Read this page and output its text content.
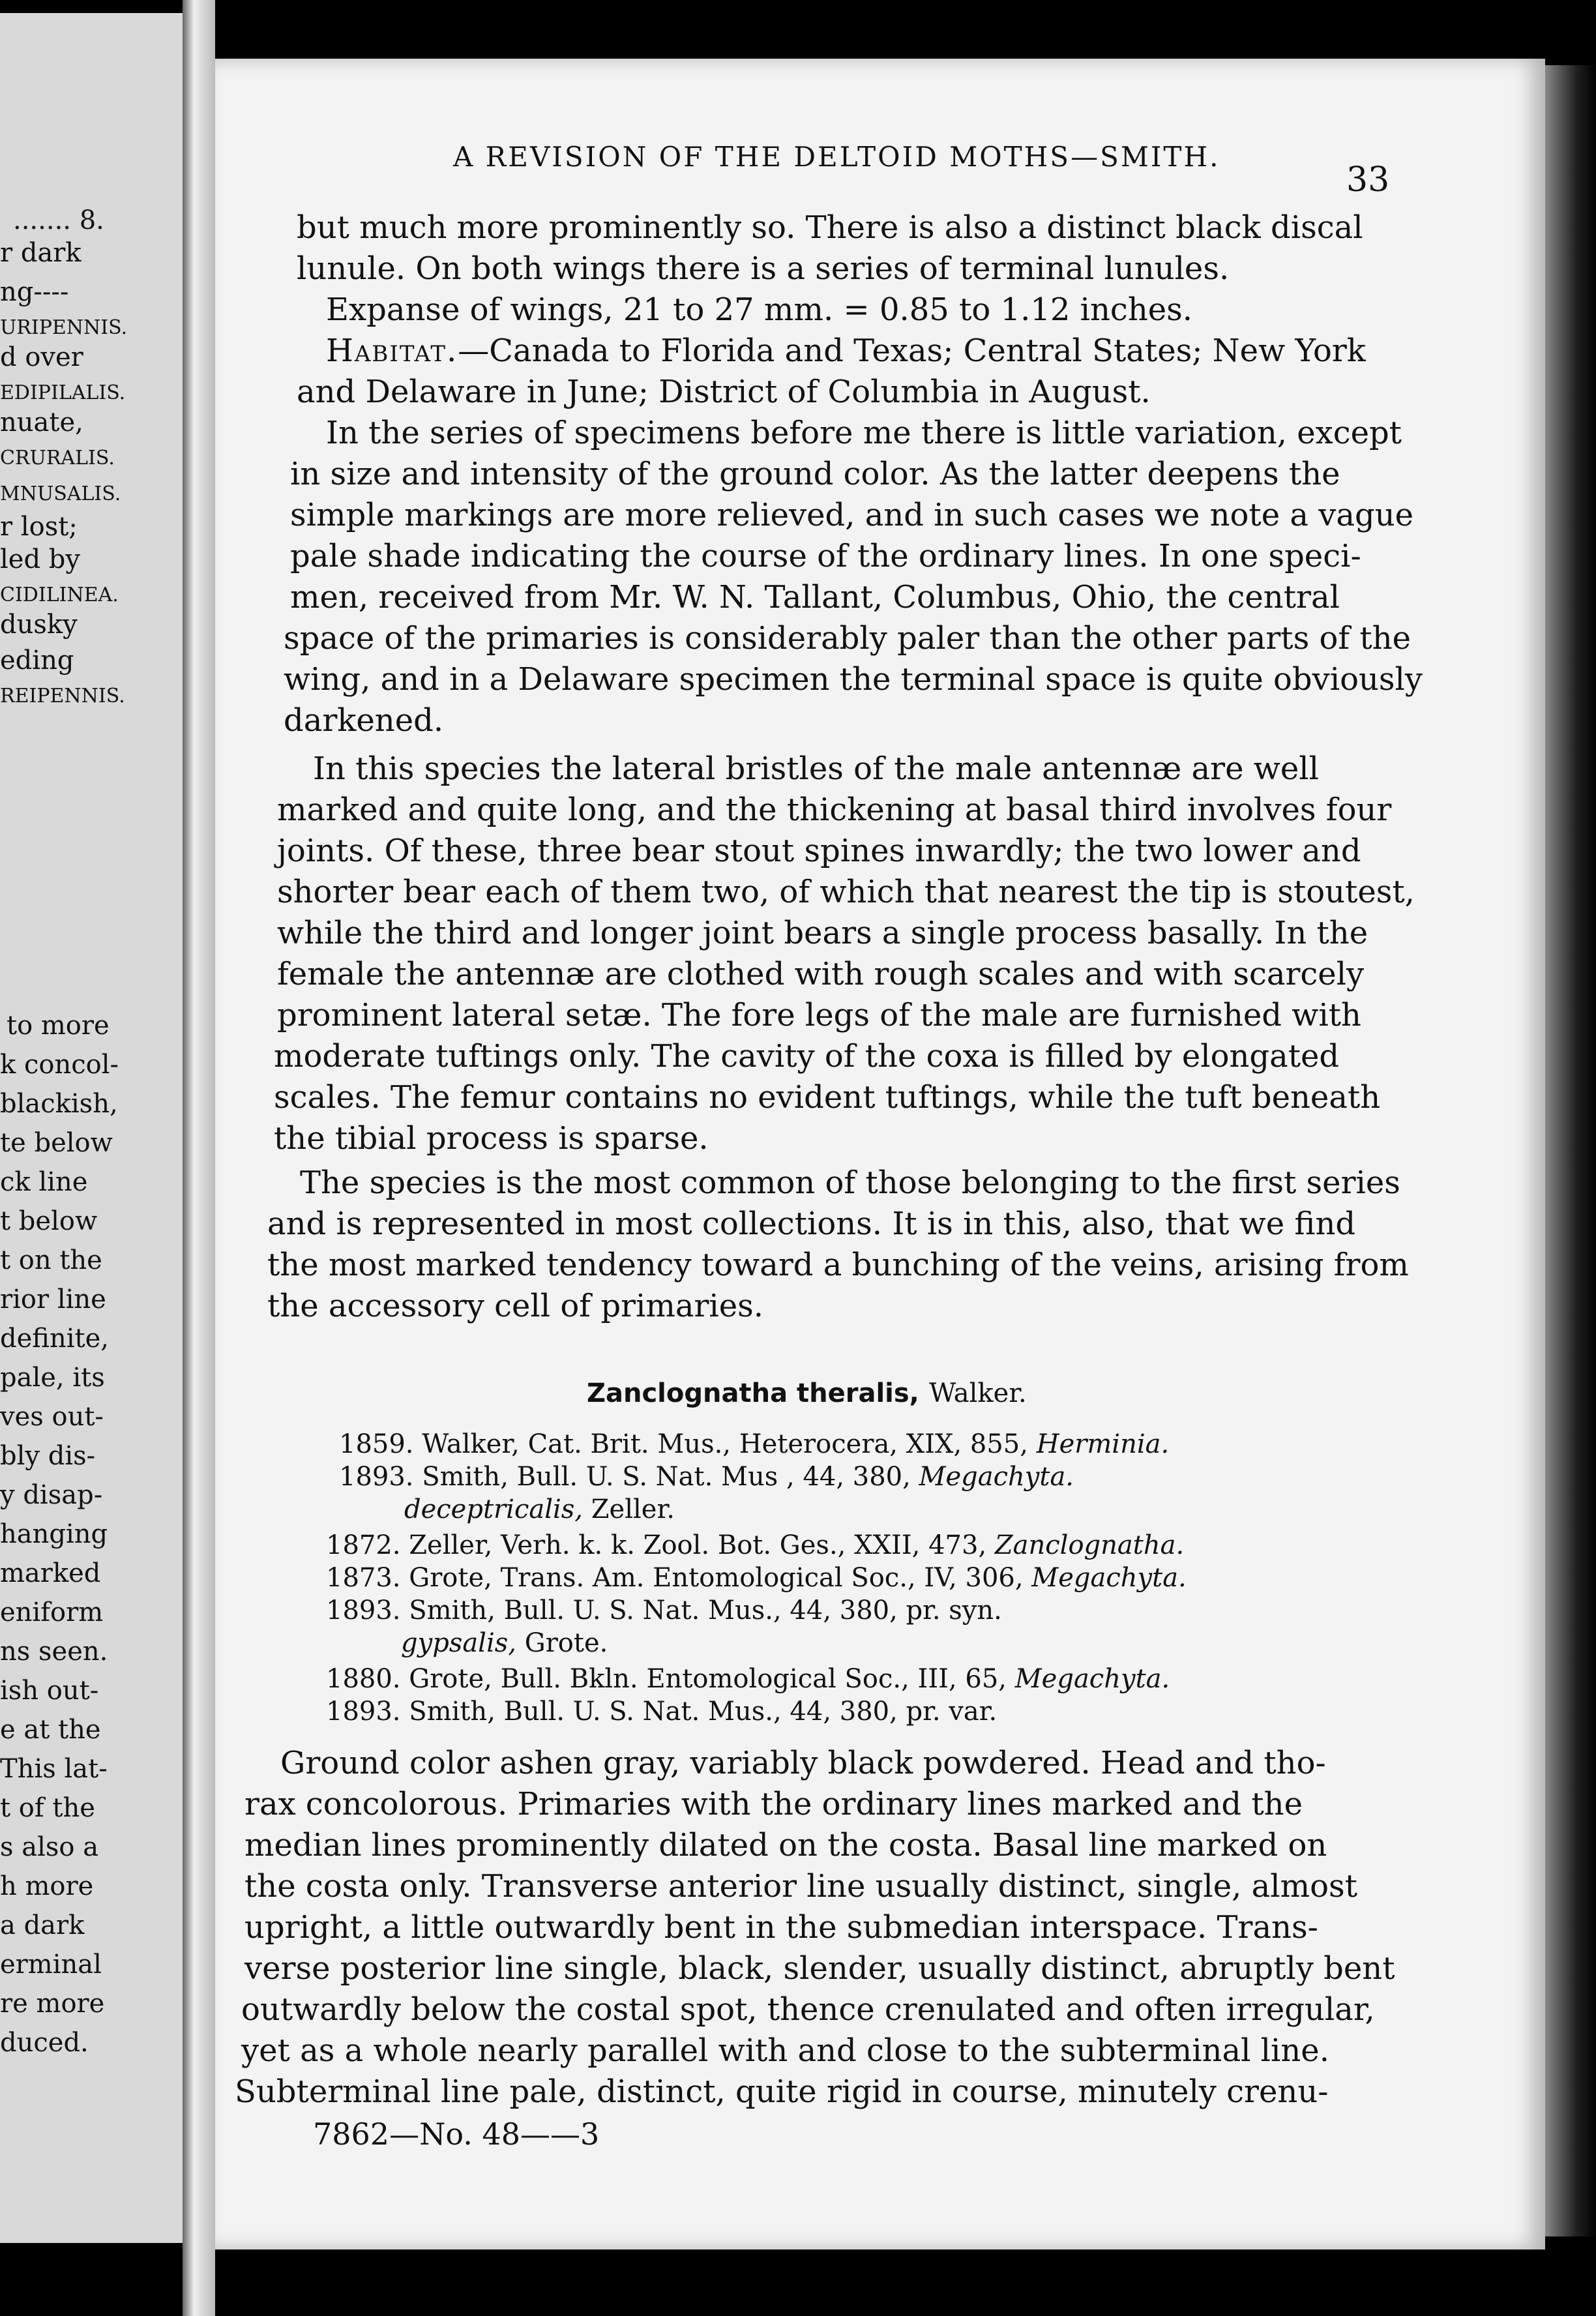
....... 8.
r dark
ng----
URIPENNIS.
d over
EDIPILALIS.
nuate,
CRURALIS.
MNUSALIS.
r lost;
led by
CIDILINEA.
dusky
eding
REIPENNIS.
to more
k concol-
blackish,
te below
ck line
t below
t on the
rior line
definite,
pale, its
ves out-
bly dis-
y disap-
hanging
marked
eniform
ns seen.
ish out-
e at the
This lat-
t of the
s also a
h more
a dark
erminal
re more
duced.
A REVISION OF THE DELTOID MOTHS—SMITH.
33
but much more prominently so. There is also a distinct black discal
lunule. On both wings there is a series of terminal lunules.
Expanse of wings, 21 to 27 mm. = 0.85 to 1.12 inches.
Habitat.—Canada to Florida and Texas; Central States; New York
and Delaware in June; District of Columbia in August.
In the series of specimens before me there is little variation, except
in size and intensity of the ground color. As the latter deepens the
simple markings are more relieved, and in such cases we note a vague
pale shade indicating the course of the ordinary lines. In one speci-
men, received from Mr. W. N. Tallant, Columbus, Ohio, the central
space of the primaries is considerably paler than the other parts of the
wing, and in a Delaware specimen the terminal space is quite obviously
darkened.
In this species the lateral bristles of the male antennæ are well
marked and quite long, and the thickening at basal third involves four
joints. Of these, three bear stout spines inwardly; the two lower and
shorter bear each of them two, of which that nearest the tip is stoutest,
while the third and longer joint bears a single process basally. In the
female the antennæ are clothed with rough scales and with scarcely
prominent lateral setæ. The fore legs of the male are furnished with
moderate tuftings only. The cavity of the coxa is filled by elongated
scales. The femur contains no evident tuftings, while the tuft beneath
the tibial process is sparse.
The species is the most common of those belonging to the first series
and is represented in most collections. It is in this, also, that we find
the most marked tendency toward a bunching of the veins, arising from
the accessory cell of primaries.
Zanclognatha theralis, Walker.
1859. Walker, Cat. Brit. Mus., Heterocera, XIX, 855, Herminia.
1893. Smith, Bull. U. S. Nat. Mus , 44, 380, Megachyta.
deceptricalis, Zeller.
1872. Zeller, Verh. k. k. Zool. Bot. Ges., XXII, 473, Zanclognatha.
1873. Grote, Trans. Am. Entomological Soc., IV, 306, Megachyta.
1893. Smith, Bull. U. S. Nat. Mus., 44, 380, pr. syn.
gypsalis, Grote.
1880. Grote, Bull. Bkln. Entomological Soc., III, 65, Megachyta.
1893. Smith, Bull. U. S. Nat. Mus., 44, 380, pr. var.
Ground color ashen gray, variably black powdered. Head and tho-
rax concolorous. Primaries with the ordinary lines marked and the
median lines prominently dilated on the costa. Basal line marked on
the costa only. Transverse anterior line usually distinct, single, almost
upright, a little outwardly bent in the submedian interspace. Trans-
verse posterior line single, black, slender, usually distinct, abruptly bent
outwardly below the costal spot, thence crenulated and often irregular,
yet as a whole nearly parallel with and close to the subterminal line.
Subterminal line pale, distinct, quite rigid in course, minutely crenu-
7862—No. 48——3
